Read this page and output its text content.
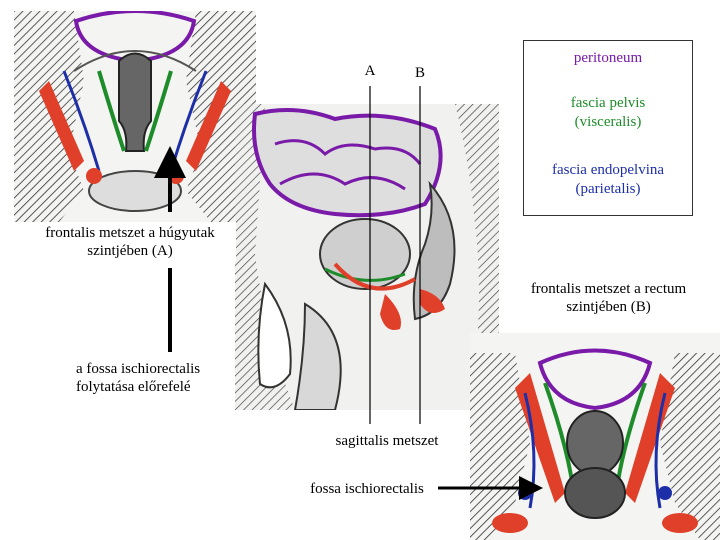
A	B
peritoneum
fascia pelvis (visceralis)
fascia endopelvina (parietalis)
frontalis metszet a húgyutak szintjében (A)
a fossa ischiorectalis folytatása előrefelé
frontalis metszet a rectum szintjében (B)
sagittalis metszet
fossa ischiorectalis
